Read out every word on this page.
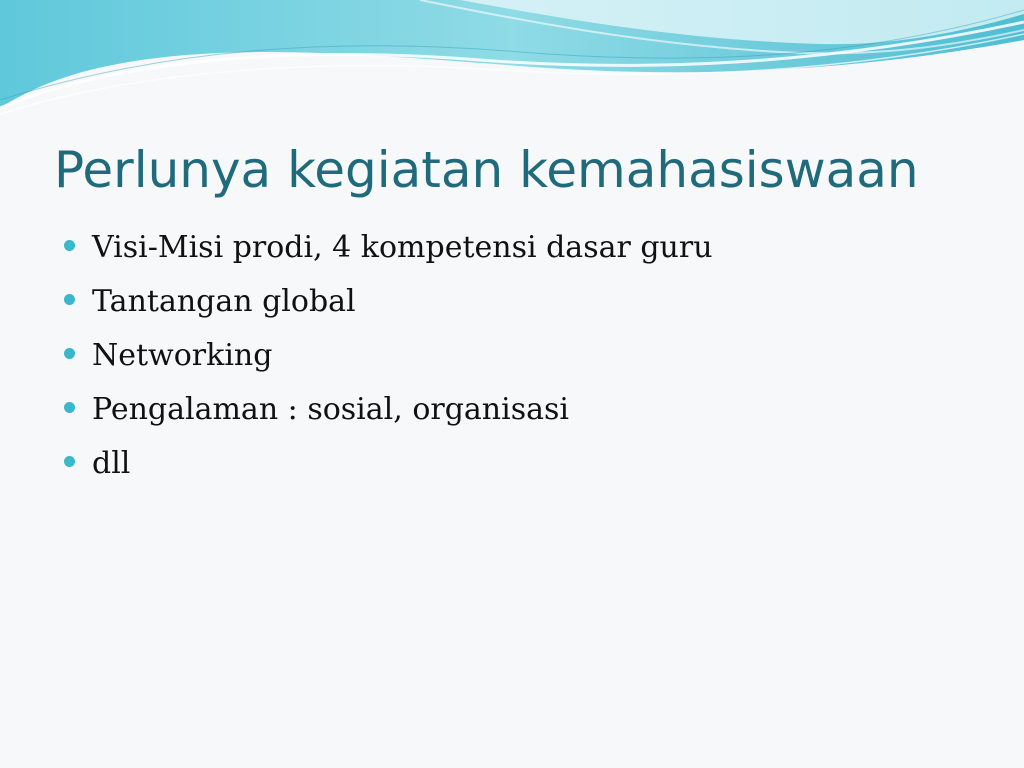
Perlunya kegiatan kemahasiswaan
Visi-Misi prodi, 4 kompetensi dasar guru
Tantangan global
Networking
Pengalaman : sosial, organisasi
dll
